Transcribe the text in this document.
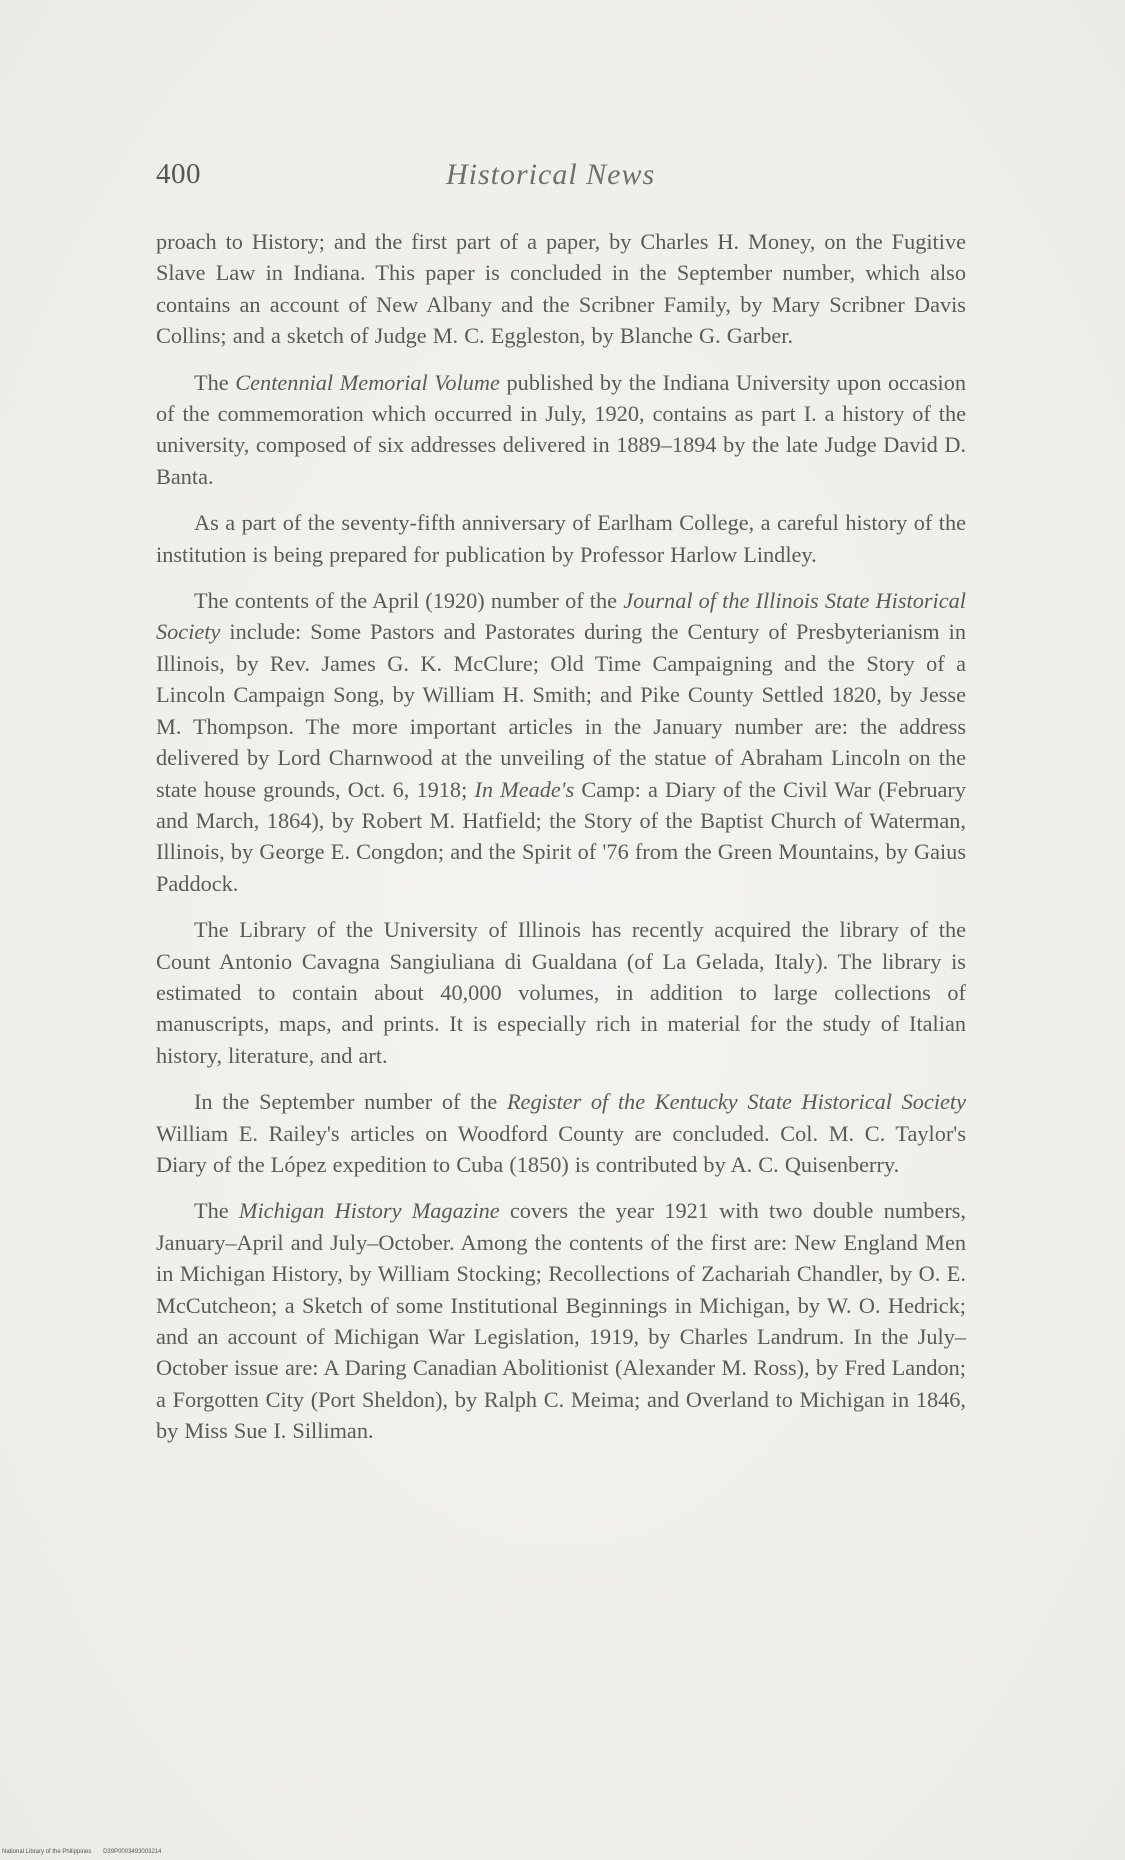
400	Historical News

proach to History; and the first part of a paper, by Charles H. Money, on the Fugitive Slave Law in Indiana. This paper is concluded in the September number, which also contains an account of New Albany and the Scribner Family, by Mary Scribner Davis Collins; and a sketch of Judge M. C. Eggleston, by Blanche G. Garber.

The Centennial Memorial Volume published by the Indiana University upon occasion of the commemoration which occurred in July, 1920, contains as part I. a history of the university, composed of six addresses delivered in 1889–1894 by the late Judge David D. Banta.

As a part of the seventy-fifth anniversary of Earlham College, a careful history of the institution is being prepared for publication by Professor Harlow Lindley.

The contents of the April (1920) number of the Journal of the Illinois State Historical Society include: Some Pastors and Pastorates during the Century of Presbyterianism in Illinois, by Rev. James G. K. McClure; Old Time Campaigning and the Story of a Lincoln Campaign Song, by William H. Smith; and Pike County Settled 1820, by Jesse M. Thompson. The more important articles in the January number are: the address delivered by Lord Charnwood at the unveiling of the statue of Abraham Lincoln on the state house grounds, Oct. 6, 1918; In Meade's Camp: a Diary of the Civil War (February and March, 1864), by Robert M. Hatfield; the Story of the Baptist Church of Waterman, Illinois, by George E. Congdon; and the Spirit of '76 from the Green Mountains, by Gaius Paddock.

The Library of the University of Illinois has recently acquired the library of the Count Antonio Cavagna Sangiuliana di Gualdana (of La Gelada, Italy). The library is estimated to contain about 40,000 volumes, in addition to large collections of manuscripts, maps, and prints. It is especially rich in material for the study of Italian history, literature, and art.

In the September number of the Register of the Kentucky State Historical Society William E. Railey's articles on Woodford County are concluded. Col. M. C. Taylor's Diary of the López expedition to Cuba (1850) is contributed by A. C. Quisenberry.

The Michigan History Magazine covers the year 1921 with two double numbers, January–April and July–October. Among the contents of the first are: New England Men in Michigan History, by William Stocking; Recollections of Zachariah Chandler, by O. E. McCutcheon; a Sketch of some Institutional Beginnings in Michigan, by W. O. Hedrick; and an account of Michigan War Legislation, 1919, by Charles Landrum. In the July–October issue are: A Daring Canadian Abolitionist (Alexander M. Ross), by Fred Landon; a Forgotten City (Port Sheldon), by Ralph C. Meima; and Overland to Michigan in 1846, by Miss Sue I. Silliman.

National Library of the Philippines D39P0003493003214
